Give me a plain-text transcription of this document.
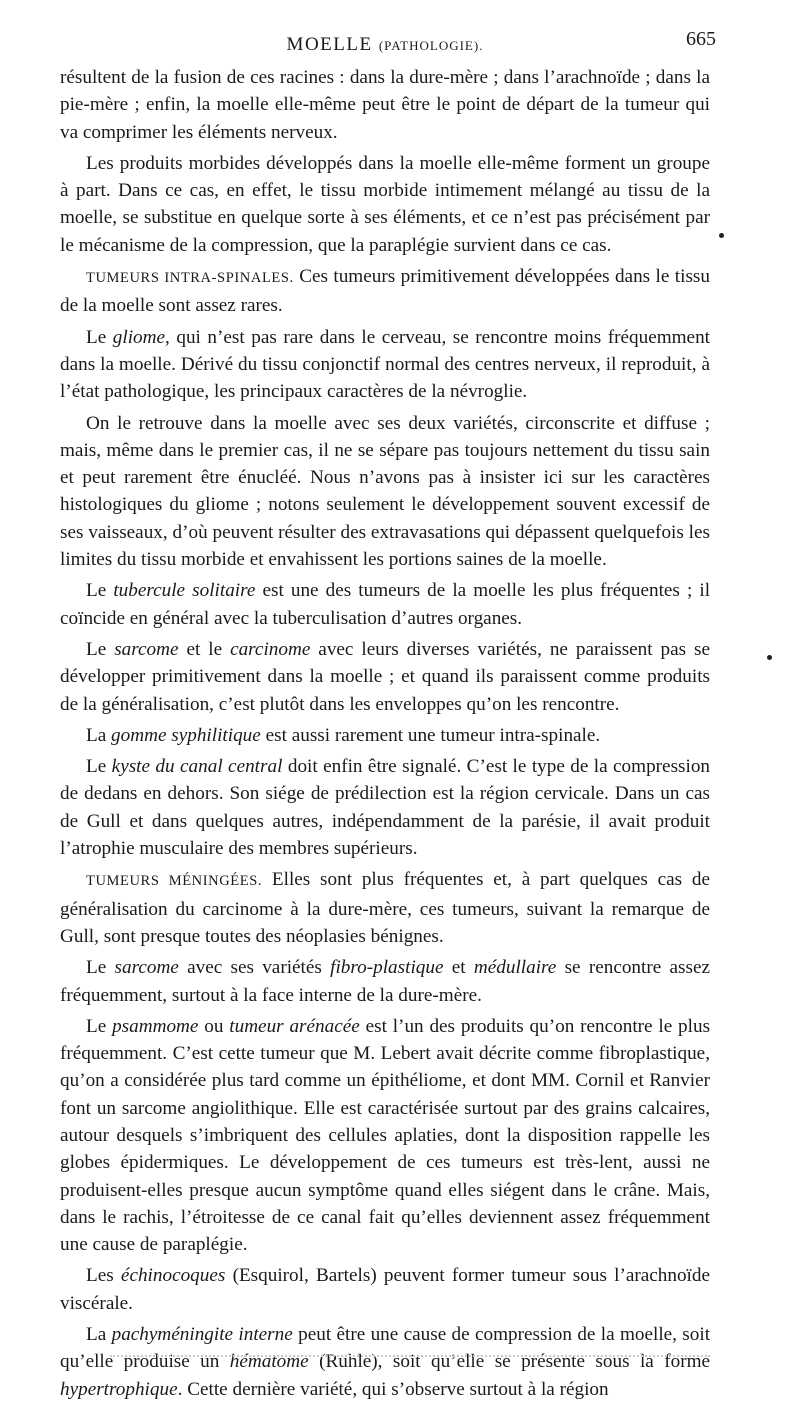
MOELLE (PATHOLOGIE).	665

résultent de la fusion de ces racines : dans la dure-mère ; dans l’arachnoïde ; dans la pie-mère ; enfin, la moelle elle-même peut être le point de départ de la tumeur qui va comprimer les éléments nerveux.

Les produits morbides développés dans la moelle elle-même forment un groupe à part. Dans ce cas, en effet, le tissu morbide intimement mélangé au tissu de la moelle, se substitue en quelque sorte à ses éléments, et ce n’est pas précisément par le mécanisme de la compression, que la paraplégie survient dans ce cas.

TUMEURS INTRA-SPINALES. Ces tumeurs primitivement développées dans le tissu de la moelle sont assez rares.

Le gliome, qui n’est pas rare dans le cerveau, se rencontre moins fréquemment dans la moelle. Dérivé du tissu conjonctif normal des centres nerveux, il reproduit, à l’état pathologique, les principaux caractères de la névroglie.

On le retrouve dans la moelle avec ses deux variétés, circonscrite et diffuse ; mais, même dans le premier cas, il ne se sépare pas toujours nettement du tissu sain et peut rarement être énucléé. Nous n’avons pas à insister ici sur les caractères histologiques du gliome ; notons seulement le développement souvent excessif de ses vaisseaux, d’où peuvent résulter des extravasations qui dépassent quelquefois les limites du tissu morbide et envahissent les portions saines de la moelle.

Le tubercule solitaire est une des tumeurs de la moelle les plus fréquentes ; il coïncide en général avec la tuberculisation d’autres organes.

Le sarcome et le carcinome avec leurs diverses variétés, ne paraissent pas se développer primitivement dans la moelle ; et quand ils paraissent comme produits de la généralisation, c’est plutôt dans les enveloppes qu’on les rencontre.

La gomme syphilitique est aussi rarement une tumeur intra-spinale.

Le kyste du canal central doit enfin être signalé. C’est le type de la compression de dedans en dehors. Son siége de prédilection est la région cervicale. Dans un cas de Gull et dans quelques autres, indépendamment de la parésie, il avait produit l’atrophie musculaire des membres supérieurs.

TUMEURS MÉNINGÉES. Elles sont plus fréquentes et, à part quelques cas de généralisation du carcinome à la dure-mère, ces tumeurs, suivant la remarque de Gull, sont presque toutes des néoplasies bénignes.

Le sarcome avec ses variétés fibro-plastique et médullaire se rencontre assez fréquemment, surtout à la face interne de la dure-mère.

Le psammome ou tumeur arénacée est l’un des produits qu’on rencontre le plus fréquemment. C’est cette tumeur que M. Lebert avait décrite comme fibroplastique, qu’on a considérée plus tard comme un épithéliome, et dont MM. Cornil et Ranvier font un sarcome angiolithique. Elle est caractérisée surtout par des grains calcaires, autour desquels s’imbriquent des cellules aplaties, dont la disposition rappelle les globes épidermiques. Le développement de ces tumeurs est très-lent, aussi ne produisent-elles presque aucun symptôme quand elles siégent dans le crâne. Mais, dans le rachis, l’étroitesse de ce canal fait qu’elles deviennent assez fréquemment une cause de paraplégie.

Les échinocoques (Esquirol, Bartels) peuvent former tumeur sous l’arachnoïde viscérale.

La pachyméningite interne peut être une cause de compression de la moelle, soit qu’elle produise un hématome (Ruhle), soit qu’elle se présente sous la forme hypertrophique. Cette dernière variété, qui s’observe surtout à la région
